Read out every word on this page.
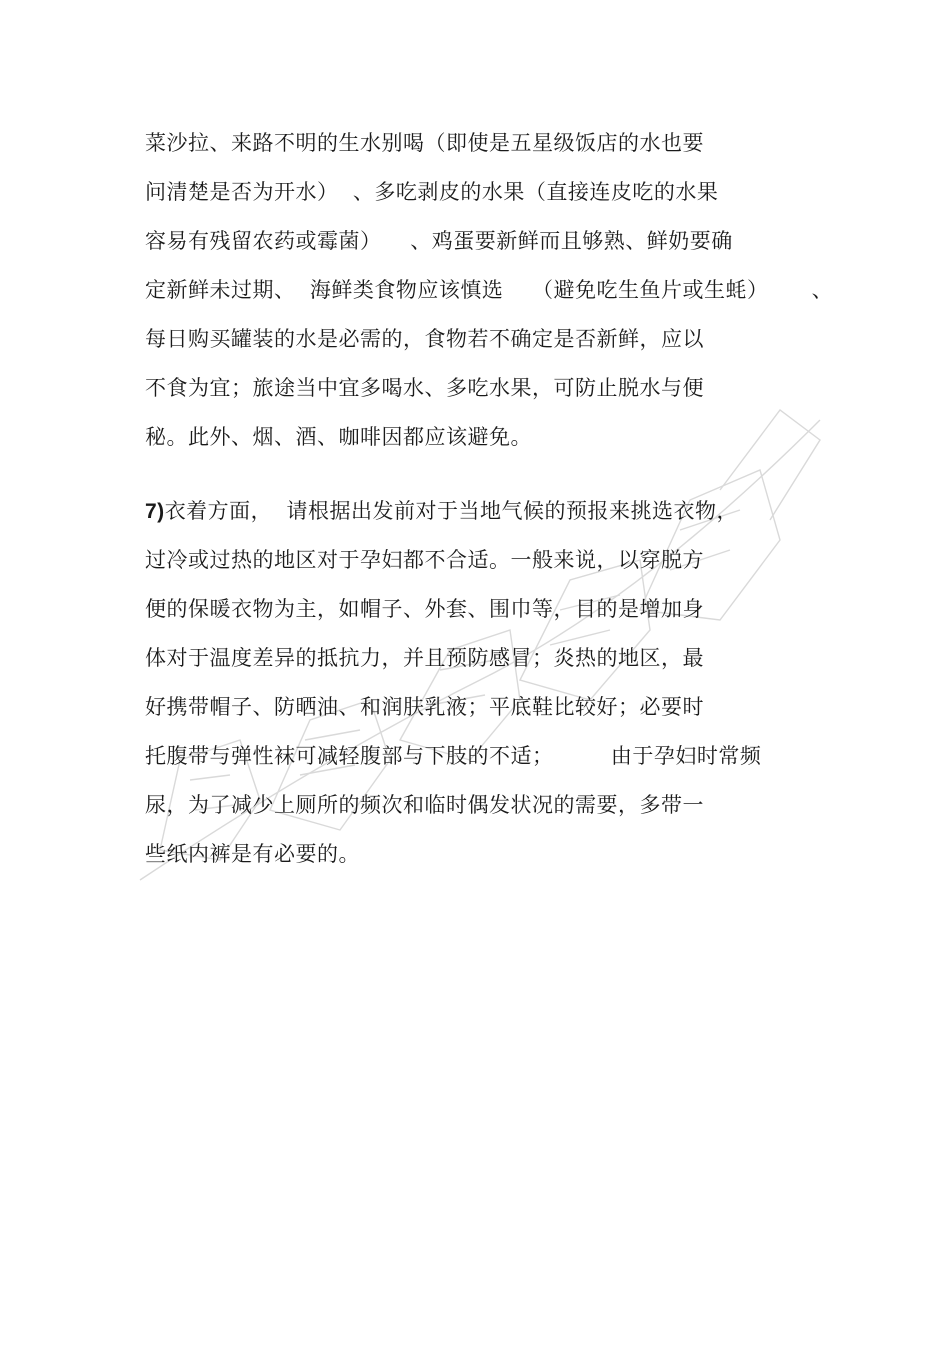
菜沙拉、来路不明的生水别喝（即使是五星级饭店的水也要
问清楚是否为开水）  、多吃剥皮的水果（直接连皮吃的水果
容易有残留农药或霉菌）    、鸡蛋要新鲜而且够熟、鲜奶要确
定新鲜未过期、  海鲜类食物应该慎选    （避免吃生鱼片或生蚝）      、
每日购买罐装的水是必需的，食物若不确定是否新鲜，应以
不食为宜；旅途当中宜多喝水、多吃水果，可防止脱水与便
秘。此外、烟、酒、咖啡因都应该避免。
7)衣着方面，  请根据出发前对于当地气候的预报来挑选衣物，
过冷或过热的地区对于孕妇都不合适。一般来说，以穿脱方
便的保暖衣物为主，如帽子、外套、围巾等，目的是增加身
体对于温度差异的抵抗力，并且预防感冒；炎热的地区，最
好携带帽子、防晒油、和润肤乳液；平底鞋比较好；必要时
托腹带与弹性袜可减轻腹部与下肢的不适；        由于孕妇时常频
尿，为了减少上厕所的频次和临时偶发状况的需要，多带一
些纸内裤是有必要的。
